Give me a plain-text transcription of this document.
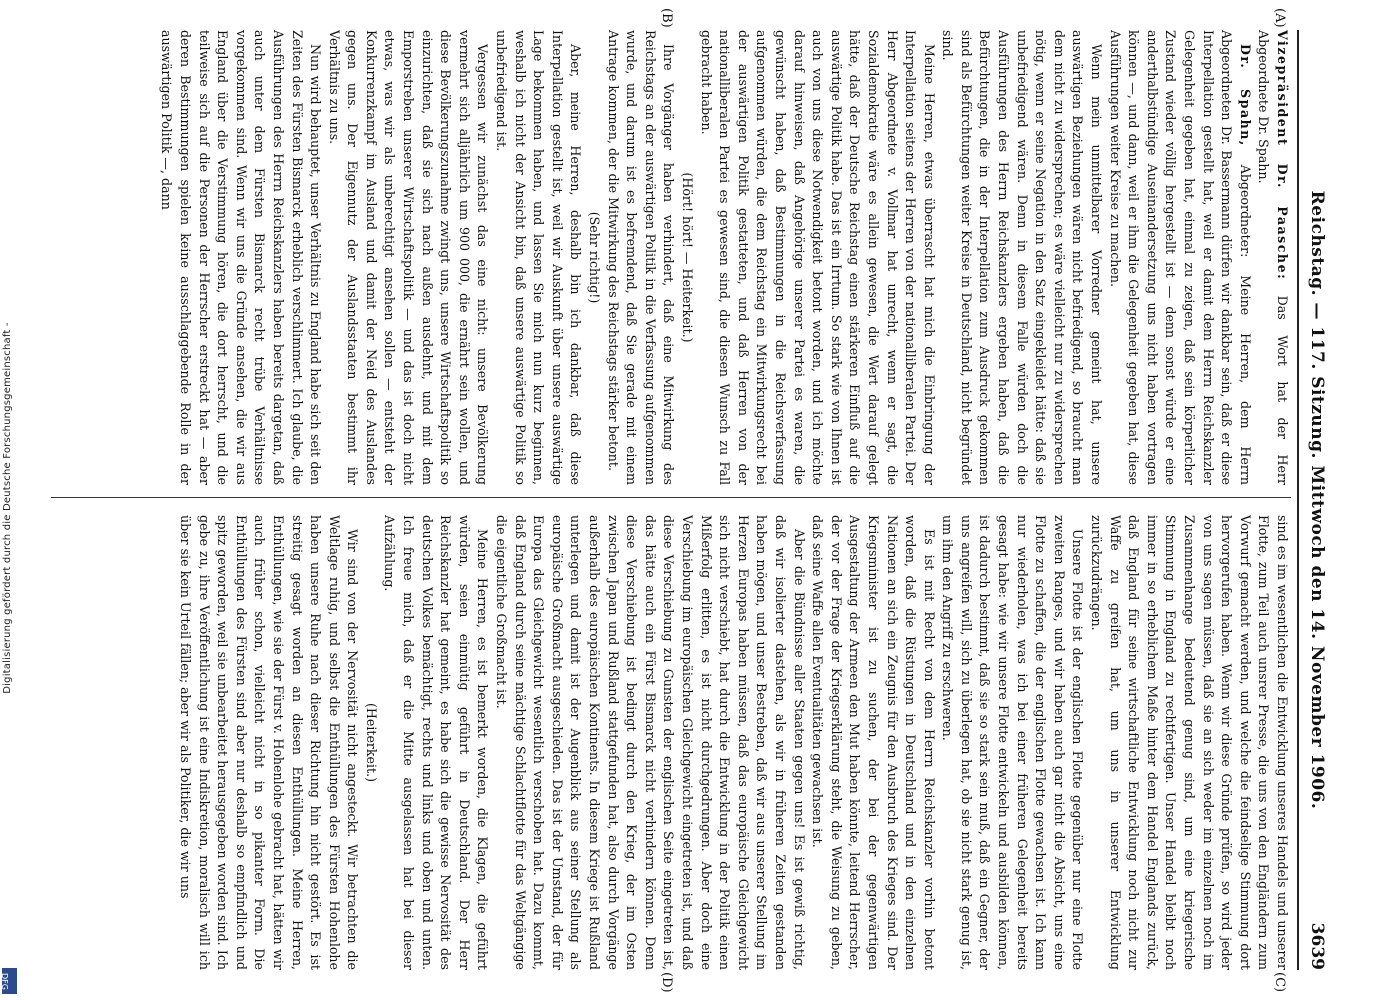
Digitalisierung gefördert durch die Deutsche Forschungsgemeinschaft -
DFG
Reichstag. — 117. Sitzung. Mittwoch den 14. November 1906.
3639
(A)
(B)
(C)
(D)

Vizepräsident Dr. Paasche: Das Wort hat der Herr Abgeordnete Dr. Spahn.

Dr. Spahn, Abgeordneter: Meine Herren, dem Herrn Abgeordneten Dr. Bassermann dürfen wir dankbar sein, daß er diese Interpellation gestellt hat, weil er damit dem Herrn Reichskanzler Gelegenheit gegeben hat, einmal zu zeigen, daß sein körperlicher Zustand wieder völlig hergestellt ist — denn sonst würde er eine anderthalbstündige Auseinandersetzung uns nicht haben vortragen können —, und dann, weil er ihm die Gelegenheit gegeben hat, diese Ausführungen weiter Kreise zu machen.

Wenn mein unmittelbarer Vorredner gemeint hat, unsere auswärtigen Beziehungen wären nicht befriedigend, so braucht man dem nicht zu widersprechen; es wäre vielleicht nur zu widersprechen nötig, wenn er seine Negation in den Satz eingekleidet hätte: daß sie unbefriedigend wären. Denn in diesem Falle würden doch die Ausführungen des Herrn Reichskanzlers ergeben haben, daß die Befürchtungen, die in der Interpellation zum Ausdruck gekommen sind als Befürchtungen weiter Kreise in Deutschland, nicht begründet sind.

Meine Herren, etwas überrascht hat mich die Einbringung der Interpellation seitens der Herren von der nationalliberalen Partei. Der Herr Abgeordnete v. Vollmar hat unrecht, wenn er sagt, die Sozialdemokratie wäre es allein gewesen, die Wert darauf gelegt hätte, daß der Deutsche Reichstag einen stärkeren Einfluß auf die auswärtige Politik habe. Das ist ein Irrtum. So stark wie von Ihnen ist auch von uns diese Notwendigkeit betont worden, und ich möchte darauf hinweisen, daß Angehörige unserer Partei es waren, die gewünscht haben, daß Bestimmungen in die Reichsverfassung aufgenommen würden, die dem Reichstag ein Mitwirkungsrecht bei der auswärtigen Politik gestatteten, und daß Herren von der nationalliberalen Partei es gewesen sind, die diesen Wunsch zu Fall gebracht haben.

(Hört! hört! — Heiterkeit.)

Ihre Vorgänger haben verhindert, daß eine Mitwirkung des Reichstags an der auswärtigen Politik in die Verfassung aufgenommen wurde, und darum ist es befremdend, daß Sie gerade mit einem Antrage kommen, der die Mitwirkung des Reichstags stärker betont.

(Sehr richtig!)

Aber, meine Herren, deshalb bin ich dankbar, daß diese Interpellation gestellt ist, weil wir Auskunft über unsere auswärtige Lage bekommen haben, und lassen Sie mich nun kurz beginnen, weshalb ich nicht der Ansicht bin, daß unsere auswärtige Politik so unbefriedigend ist.

Vergessen wir zunächst das eine nicht: unsere Bevölkerung vermehrt sich alljährlich um 900 000, die ernährt sein wollen, und diese Bevölkerungszunahme zwingt uns, unsere Wirtschaftspolitik so einzurichten, daß sie sich nach außen ausdehnt, und mit dem Emporstreben unserer Wirtschaftspolitik — und das ist doch nicht etwas, was wir als unberechtigt ansehen sollen — entsteht der Konkurrenzkampf im Ausland und damit der Neid des Auslandes gegen uns. Der Eigennutz der Auslandsstaaten bestimmt ihr Verhältnis zu uns.

Nun wird behauptet, unser Verhältnis zu England habe sich seit den Zeiten des Fürsten Bismarck erheblich verschlimmert. Ich glaube, die Ausführungen des Herrn Reichskanzlers haben bereits dargetan, daß auch unter dem Fürsten Bismarck recht trübe Verhältnisse vorgekommen sind. Wenn wir uns die Gründe ansehen, die wir aus England über die Verstimmung hören, die dort herrscht, und die teilweise sich auf die Personen der Herrscher erstreckt hat — aber deren Bestimmungen spielen keine ausschlaggebende Rolle in der auswärtigen Politik —, dann

sind es im wesentlichen die Entwicklung unseres Handels und unserer Flotte, zum Teil auch unsrer Presse, die uns von den Engländern zum Vorwurf gemacht werden, und welche die feindselige Stimmung dort hervorgerufen haben. Wenn wir diese Gründe prüfen, so wird jeder von uns sagen müssen, daß sie an sich weder im einzelnen noch im Zusammenhange bedeutend genug sind, um eine kriegerische Stimmung in England zu rechtfertigen. Unser Handel bleibt noch immer in so erheblichem Maße hinter dem Handel Englands zurück, daß England für seine wirtschaftliche Entwicklung noch nicht zur Waffe zu greifen hat, um uns in unserer Entwicklung zurückzudrängen.

Unsere Flotte ist der englischen Flotte gegenüber nur eine Flotte zweiten Ranges, und wir haben auch gar nicht die Absicht, uns eine Flotte zu schaffen, die der englischen Flotte gewachsen ist. Ich kann nur wiederholen, was ich bei einer früheren Gelegenheit bereits gesagt habe: wie wir unsere Flotte entwickeln und ausbilden können, ist dadurch bestimmt, daß sie so stark sein muß, daß ein Gegner, der uns angreifen will, sich zu überlegen hat, ob sie nicht stark genug ist, um ihm den Angriff zu erschweren.

Es ist mit Recht von dem Herrn Reichskanzler vorhin betont worden, daß die Rüstungen in Deutschland und in den einzelnen Nationen an sich ein Zeugnis für den Ausbruch des Krieges sind. Der Kriegsminister ist zu suchen, der bei der gegenwärtigen Ausgestaltung der Armeen den Mut haben könnte, leitend Herrscher, der vor der Frage der Kriegserklärung steht, die Weisung zu geben, daß seine Waffe allen Eventualitäten gewachsen ist.

Aber die Bündnisse aller Staaten gegen uns! Es ist gewiß richtig, daß wir isolierter dastehen, als wir in früheren Zeiten gestanden haben mögen, und unser Bestreben, daß wir aus unserer Stellung im Herzen Europas haben müssen, daß das europäische Gleichgewicht sich nicht verschiebt, hat durch die Entwicklung in der Politik einen Mißerfolg erlitten, es ist nicht durchgedrungen. Aber doch eine Verschiebung im europäischen Gleichgewicht eingetreten ist, und daß diese Verschiebung zu Gunsten der englischen Seite eingetreten ist, das hätte auch ein Fürst Bismarck nicht verhindern können. Denn diese Verschiebung ist bedingt durch den Krieg, der im Osten zwischen Japan und Rußland stattgefunden hat, also durch Vorgänge außerhalb des europäischen Kontinents. In diesem Kriege ist Rußland unterlegen und damit ist der Augenblick aus seiner Stellung als europäische Großmacht ausgeschieden. Das ist der Umstand, der für Europa das Gleichgewicht wesentlich verschoben hat. Dazu kommt, daß England durch seine mächtige Schlachtflotte für das Weltgängige die eigentliche Großmacht ist.

Meine Herren, es ist bemerkt worden, die Klagen, die geführt würden, seien einmütig geführt in Deutschland. Der Herr Reichskanzler hat gemeint, es habe sich die gewisse Nervosität des deutschen Volkes bemächtigt, rechts und links und oben und unten. Ich freue mich, daß er die Mitte ausgelassen hat bei dieser Aufzählung.

(Heiterkeit.)

Wir sind von der Nervosität nicht angesteckt. Wir betrachten die Weltlage ruhig, und selbst die Enthüllungen des Fürsten Hohenlohe haben unsere Ruhe nach dieser Richtung hin nicht gestört. Es ist streitig gesagt worden an diesen Enthüllungen. Meine Herren, Enthüllungen, wie sie der Fürst v. Hohenlohe gebracht hat, hätten wir auch früher schon, vielleicht nicht in so pikanter Form. Die Enthüllungen des Fürsten sind aber nur deshalb so empfindlich und spitz geworden, weil sie unbearbeitet herausgegeben worden sind. Ich gebe zu, ihre Veröffentlichung ist eine Indiskretion, moralisch will ich über sie kein Urteil fällen; aber wir als Politiker, die wir uns
